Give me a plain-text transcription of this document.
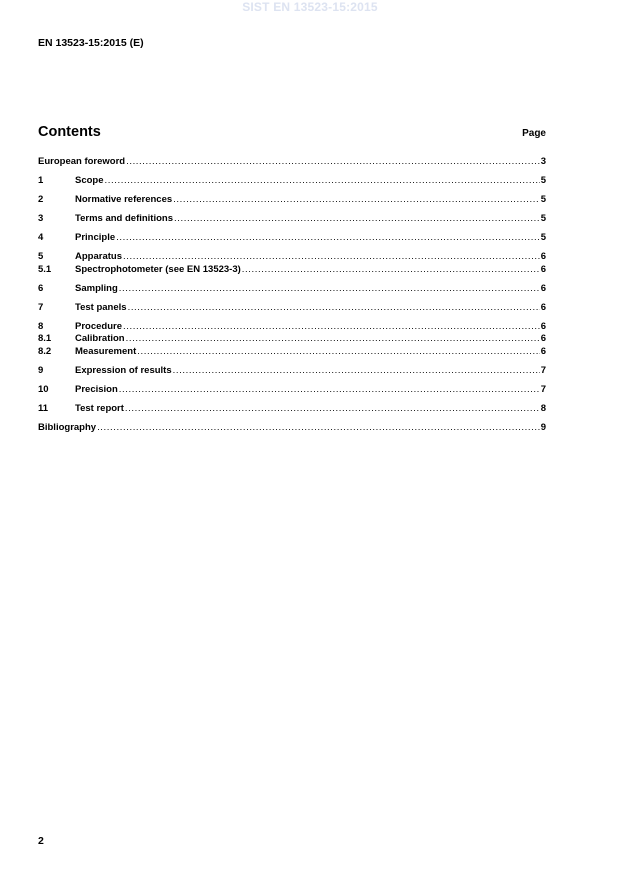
SIST EN 13523-15:2015
EN 13523-15:2015 (E)
Contents	Page
European foreword .....	3
1	Scope .....	5
2	Normative references .....	5
3	Terms and definitions .....	5
4	Principle .....	5
5	Apparatus .....	6
5.1	Spectrophotometer (see EN 13523-3) .....	6
6	Sampling .....	6
7	Test panels .....	6
8	Procedure .....	6
8.1	Calibration .....	6
8.2	Measurement .....	6
9	Expression of results .....	7
10	Precision .....	7
11	Test report .....	8
Bibliography .....	9
2
